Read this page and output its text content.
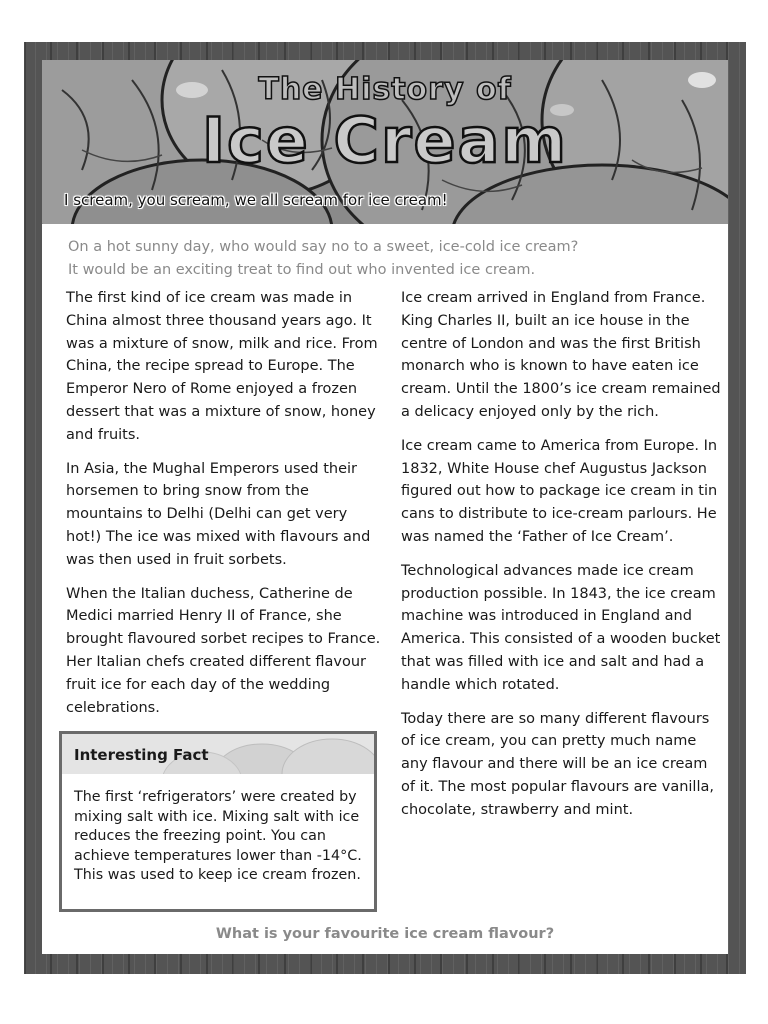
The History of
Ice Cream
I scream, you scream, we all scream for ice cream!

On a hot sunny day, who would say no to a sweet, ice-cold ice cream?

It would be an exciting treat to find out who invented ice cream.

The first kind of ice cream was made in China almost three thousand years ago. It was a mixture of snow, milk and rice. From China, the recipe spread to Europe. The Emperor Nero of Rome enjoyed a frozen dessert that was a mixture of snow, honey and fruits.

In Asia, the Mughal Emperors used their horsemen to bring snow from the mountains to Delhi (Delhi can get very hot!) The ice was mixed with flavours and was then used in fruit sorbets.

When the Italian duchess, Catherine de Medici married Henry II of France, she brought flavoured sorbet recipes to France. Her Italian chefs created different flavour fruit ice for each day of the wedding celebrations.

Ice cream arrived in England from France. King Charles II, built an ice house in the centre of London and was the first British monarch who is known to have eaten ice cream. Until the 1800’s ice cream remained a delicacy enjoyed only by the rich.

Ice cream came to America from Europe. In 1832, White House chef Augustus Jackson figured out how to package ice cream in tin cans to distribute to ice-cream parlours. He was named the ‘Father of Ice Cream’.

Technological advances made ice cream production possible. In 1843, the ice cream machine was introduced in England and America. This consisted of a wooden bucket that was filled with ice and salt and had a handle which rotated.

Today there are so many different flavours of ice cream, you can pretty much name any flavour and there will be an ice cream of it. The most popular flavours are vanilla, chocolate, strawberry and mint.

Interesting Fact
The first ‘refrigerators’ were created by mixing salt with ice. Mixing salt with ice reduces the freezing point. You can achieve temperatures lower than -14°C. This was used to keep ice cream frozen.
What is your favourite ice cream flavour?
